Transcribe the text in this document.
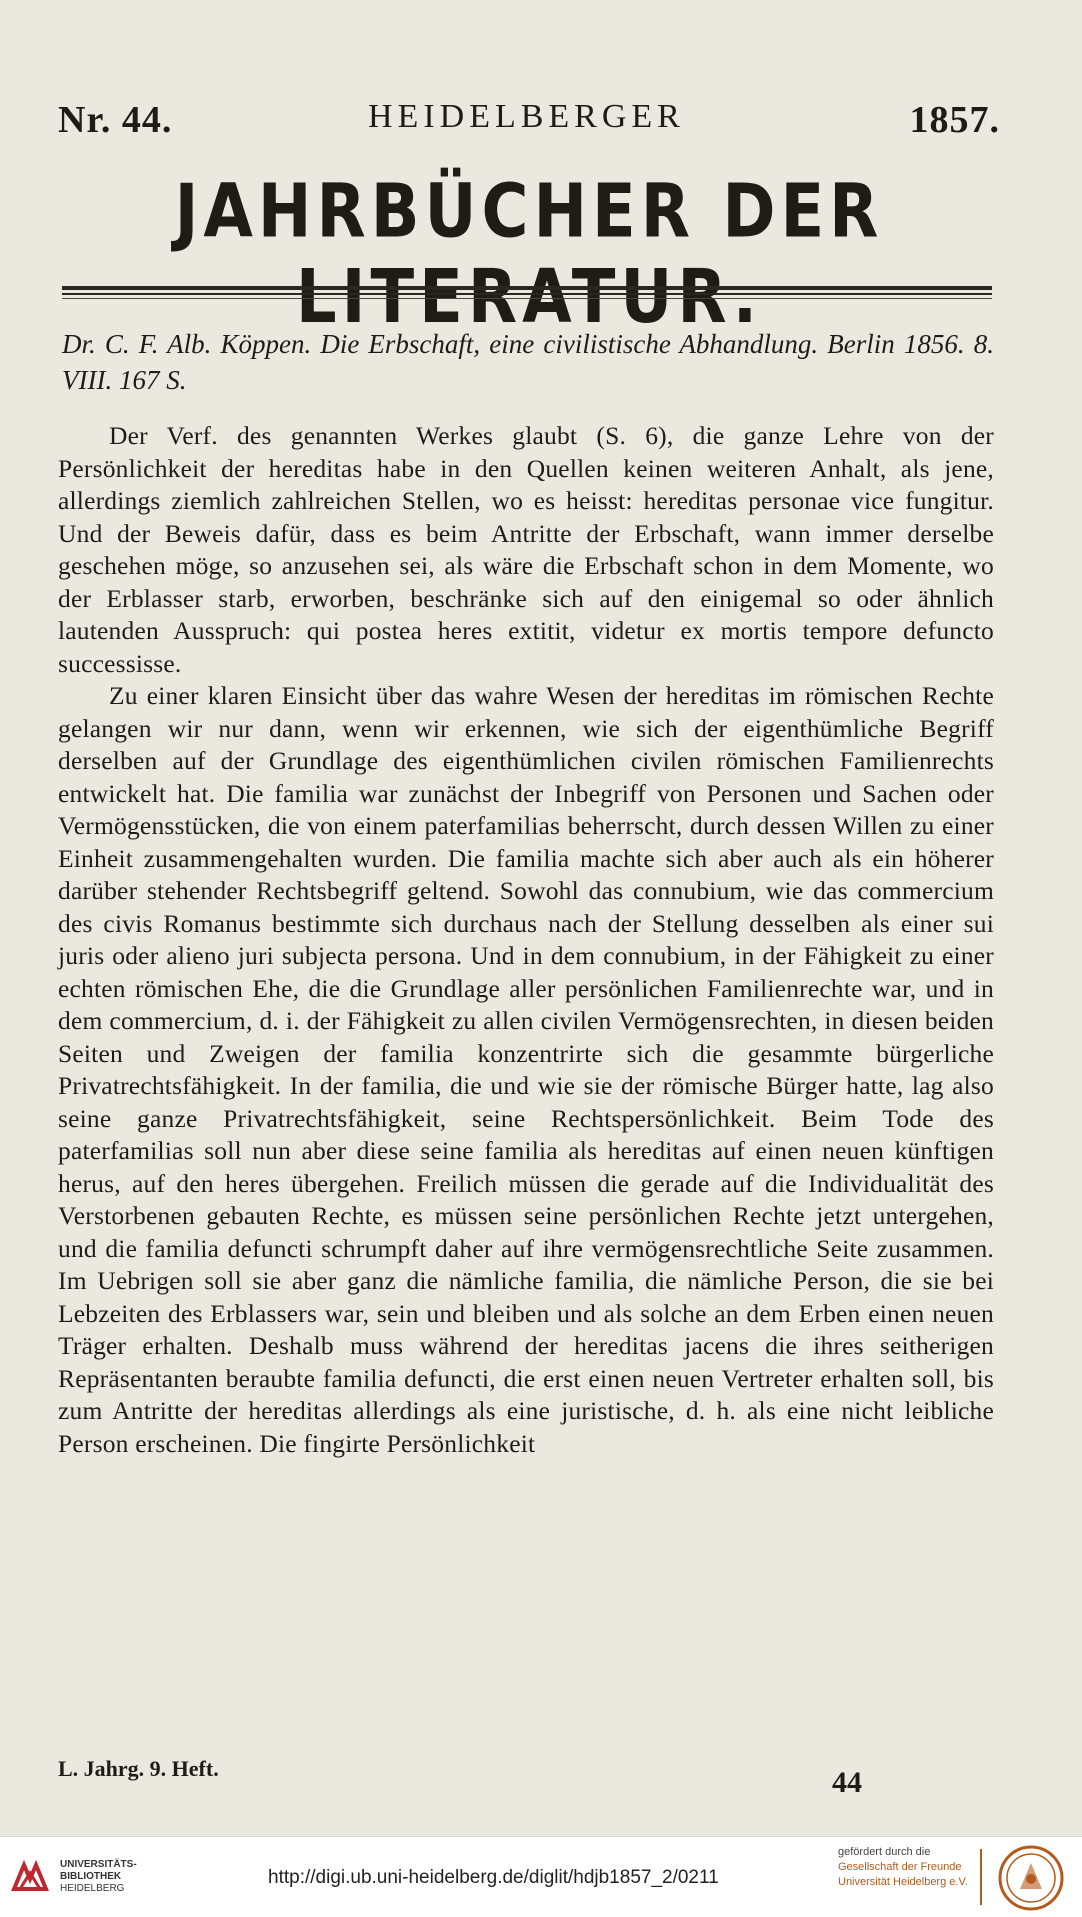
Nr. 44.	HEIDELBERGER	1857.
JAHRBÜCHER DER
Dr. C. F. Alb. Köppen. Die Erbschaft, eine civilistische Abhandlung. Berlin 1856. 8. VIII. 167 S.

Der Verf. des genannten Werkes glaubt (S. 6), die ganze Lehre von der Persönlichkeit der hereditas habe in den Quellen keinen weiteren Anhalt, als jene, allerdings ziemlich zahlreichen Stellen, wo es heisst: hereditas personae vice fungitur. Und der Beweis dafür, dass es beim Antritte der Erbschaft, wann immer derselbe geschehen möge, so anzusehen sei, als wäre die Erbschaft schon in dem Momente, wo der Erblasser starb, erworben, beschränke sich auf den einigemal so oder ähnlich lautenden Ausspruch: qui postea heres extitit, videtur ex mortis tempore defuncto successisse.

Zu einer klaren Einsicht über das wahre Wesen der hereditas im römischen Rechte gelangen wir nur dann, wenn wir erkennen, wie sich der eigenthümliche Begriff derselben auf der Grundlage des eigenthümlichen civilen römischen Familienrechts entwickelt hat. Die familia war zunächst der Inbegriff von Personen und Sachen oder Vermögensstücken, die von einem paterfamilias beherrscht, durch dessen Willen zu einer Einheit zusammengehalten wurden. Die familia machte sich aber auch als ein höherer darüber stehender Rechtsbegriff geltend. Sowohl das connubium, wie das commercium des civis Romanus bestimmte sich durchaus nach der Stellung desselben als einer sui juris oder alieno juri subjecta persona. Und in dem connubium, in der Fähigkeit zu einer echten römischen Ehe, die die Grundlage aller persönlichen Familienrechte war, und in dem commercium, d. i. der Fähigkeit zu allen civilen Vermögensrechten, in diesen beiden Seiten und Zweigen der familia konzentrirte sich die gesammte bürgerliche Privatrechtsfähigkeit. In der familia, die und wie sie der römische Bürger hatte, lag also seine ganze Privatrechtsfähigkeit, seine Rechtspersönlichkeit. Beim Tode des paterfamilias soll nun aber diese seine familia als hereditas auf einen neuen künftigen herus, auf den heres übergehen. Freilich müssen die gerade auf die Individualität des Verstorbenen gebauten Rechte, es müssen seine persönlichen Rechte jetzt untergehen, und die familia defuncti schrumpft daher auf ihre vermögensrechtliche Seite zusammen. Im Uebrigen soll sie aber ganz die nämliche familia, die nämliche Person, die sie bei Lebzeiten des Erblassers war, sein und bleiben und als solche an dem Erben einen neuen Träger erhalten. Deshalb muss während der hereditas jacens die ihres seitherigen Repräsentanten beraubte familia defuncti, die erst einen neuen Vertreter erhalten soll, bis zum Antritte der hereditas allerdings als eine juristische, d. h. als eine nicht leibliche Person erscheinen. Die fingirte Persönlichkeit

L. Jahrg. 9. Heft.	44
UNIVERSITÄTS-
BIBLIOTHEK
HEIDELBERG
http://digi.ub.uni-heidelberg.de/diglit/hdjb1857_2/0211
gefördert durch die
Gesellschaft der Freunde
Universität Heidelberg e.V.
